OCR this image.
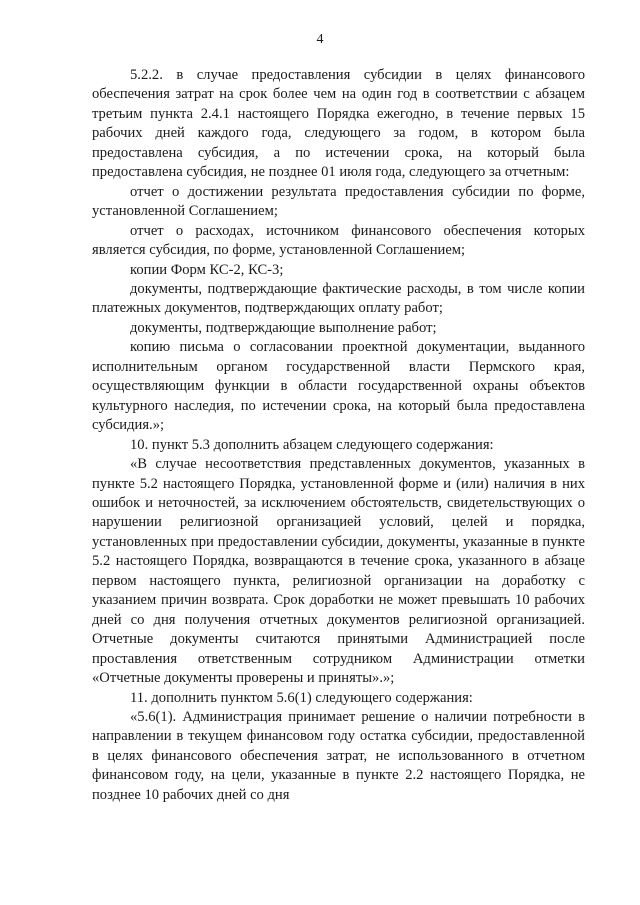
4

5.2.2. в случае предоставления субсидии в целях финансового обеспечения затрат на срок более чем на один год в соответствии с абзацем третьим пункта 2.4.1 настоящего Порядка ежегодно, в течение первых 15 рабочих дней каждого года, следующего за годом, в котором была предоставлена субсидия, а по истечении срока, на который была предоставлена субсидия, не позднее 01 июля года, следующего за отчетным:

отчет о достижении результата предоставления субсидии по форме, установленной Соглашением;

отчет о расходах, источником финансового обеспечения которых является субсидия, по форме, установленной Соглашением;

копии Форм КС-2, КС-3;

документы, подтверждающие фактические расходы, в том числе копии платежных документов, подтверждающих оплату работ;

документы, подтверждающие выполнение работ;

копию письма о согласовании проектной документации, выданного исполнительным органом государственной власти Пермского края, осуществляющим функции в области государственной охраны объектов культурного наследия, по истечении срока, на который была предоставлена субсидия.»;

10. пункт 5.3 дополнить абзацем следующего содержания:

«В случае несоответствия представленных документов, указанных в пункте 5.2 настоящего Порядка, установленной форме и (или) наличия в них ошибок и неточностей, за исключением обстоятельств, свидетельствующих о нарушении религиозной организацией условий, целей и порядка, установленных при предоставлении субсидии, документы, указанные в пункте 5.2 настоящего Порядка, возвращаются в течение срока, указанного в абзаце первом настоящего пункта, религиозной организации на доработку с указанием причин возврата. Срок доработки не может превышать 10 рабочих дней со дня получения отчетных документов религиозной организацией. Отчетные документы считаются принятыми Администрацией после проставления ответственным сотрудником Администрации отметки «Отчетные документы проверены и приняты».»;

11. дополнить пунктом 5.6(1) следующего содержания:

«5.6(1). Администрация принимает решение о наличии потребности в направлении в текущем финансовом году остатка субсидии, предоставленной в целях финансового обеспечения затрат, не использованного в отчетном финансовом году, на цели, указанные в пункте 2.2 настоящего Порядка, не позднее 10 рабочих дней со дня
